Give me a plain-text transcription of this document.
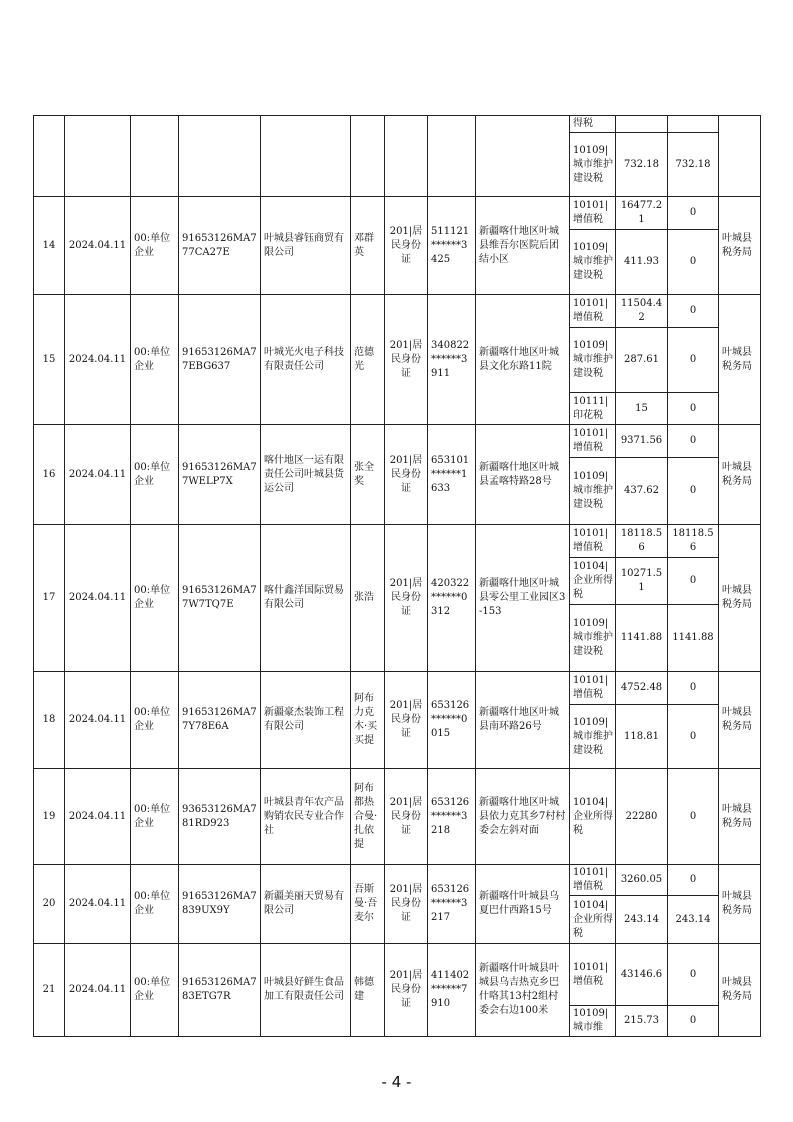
									得税			
									10109|城市维护建设税	732.18	732.18	
14	2024.04.11	00:单位企业	91653126MA777CA27E	叶城县睿钰商贸有限公司	邓群英	201|居民身份证	511121******3425	新疆喀什地区叶城县维吾尔医院后团结小区	10101|增值税	16477.21	0	叶城县税务局
									10109|城市维护建设税	411.93	0	
15	2024.04.11	00:单位企业	91653126MA77EBG637	叶城光火电子科技有限责任公司	范德光	201|居民身份证	340822******3911	新疆喀什地区叶城县文化东路11院	10101|增值税	11504.42	0	叶城县税务局
									10109|城市维护建设税	287.61	0	
									10111|印花税	15	0	
16	2024.04.11	00:单位企业	91653126MA77WELP7X	喀什地区一运有限责任公司叶城县货运公司	张全奖	201|居民身份证	653101******1633	新疆喀什地区叶城县孟喀特路28号	10101|增值税	9371.56	0	叶城县税务局
									10109|城市维护建设税	437.62	0	
17	2024.04.11	00:单位企业	91653126MA77W7TQ7E	喀什鑫洋国际贸易有限公司	张浩	201|居民身份证	420322******0312	新疆喀什地区叶城县零公里工业园区3-153	10101|增值税	18118.56	18118.56	叶城县税务局
									10104|企业所得税	10271.51	0	
									10109|城市维护建设税	1141.88	1141.88	
18	2024.04.11	00:单位企业	91653126MA77Y78E6A	新疆豪杰装饰工程有限公司	阿布力克木·买买提	201|居民身份证	653126******0015	新疆喀什地区叶城县南环路26号	10101|增值税	4752.48	0	叶城县税务局
									10109|城市维护建设税	118.81	0	
19	2024.04.11	00:单位企业	93653126MA781RD923	叶城县青年农产品购销农民专业合作社	阿布都热合曼·扎依提	201|居民身份证	653126******3218	新疆喀什地区叶城县依力克其乡7村村委会左斜对面	10104|企业所得税	22280	0	叶城县税务局
20	2024.04.11	00:单位企业	91653126MA7839UX9Y	新疆美丽天贸易有限公司	吾斯曼·吾麦尔	201|居民身份证	653126******3217	新疆喀什叶城县乌夏巴什西路15号	10101|增值税	3260.05	0	叶城县税务局
									10104|企业所得税	243.14	243.14	
21	2024.04.11	00:单位企业	91653126MA783ETG7R	叶城县好鲜生食品加工有限责任公司	韩德建	201|居民身份证	411402******7910	新疆喀什叶城县叶城县乌吉热克乡巴什咯其13村2组村委会右边100米	10101|增值税	43146.6	0	叶城县税务局
									10109|城市维	215.73	0	
- 4 -
